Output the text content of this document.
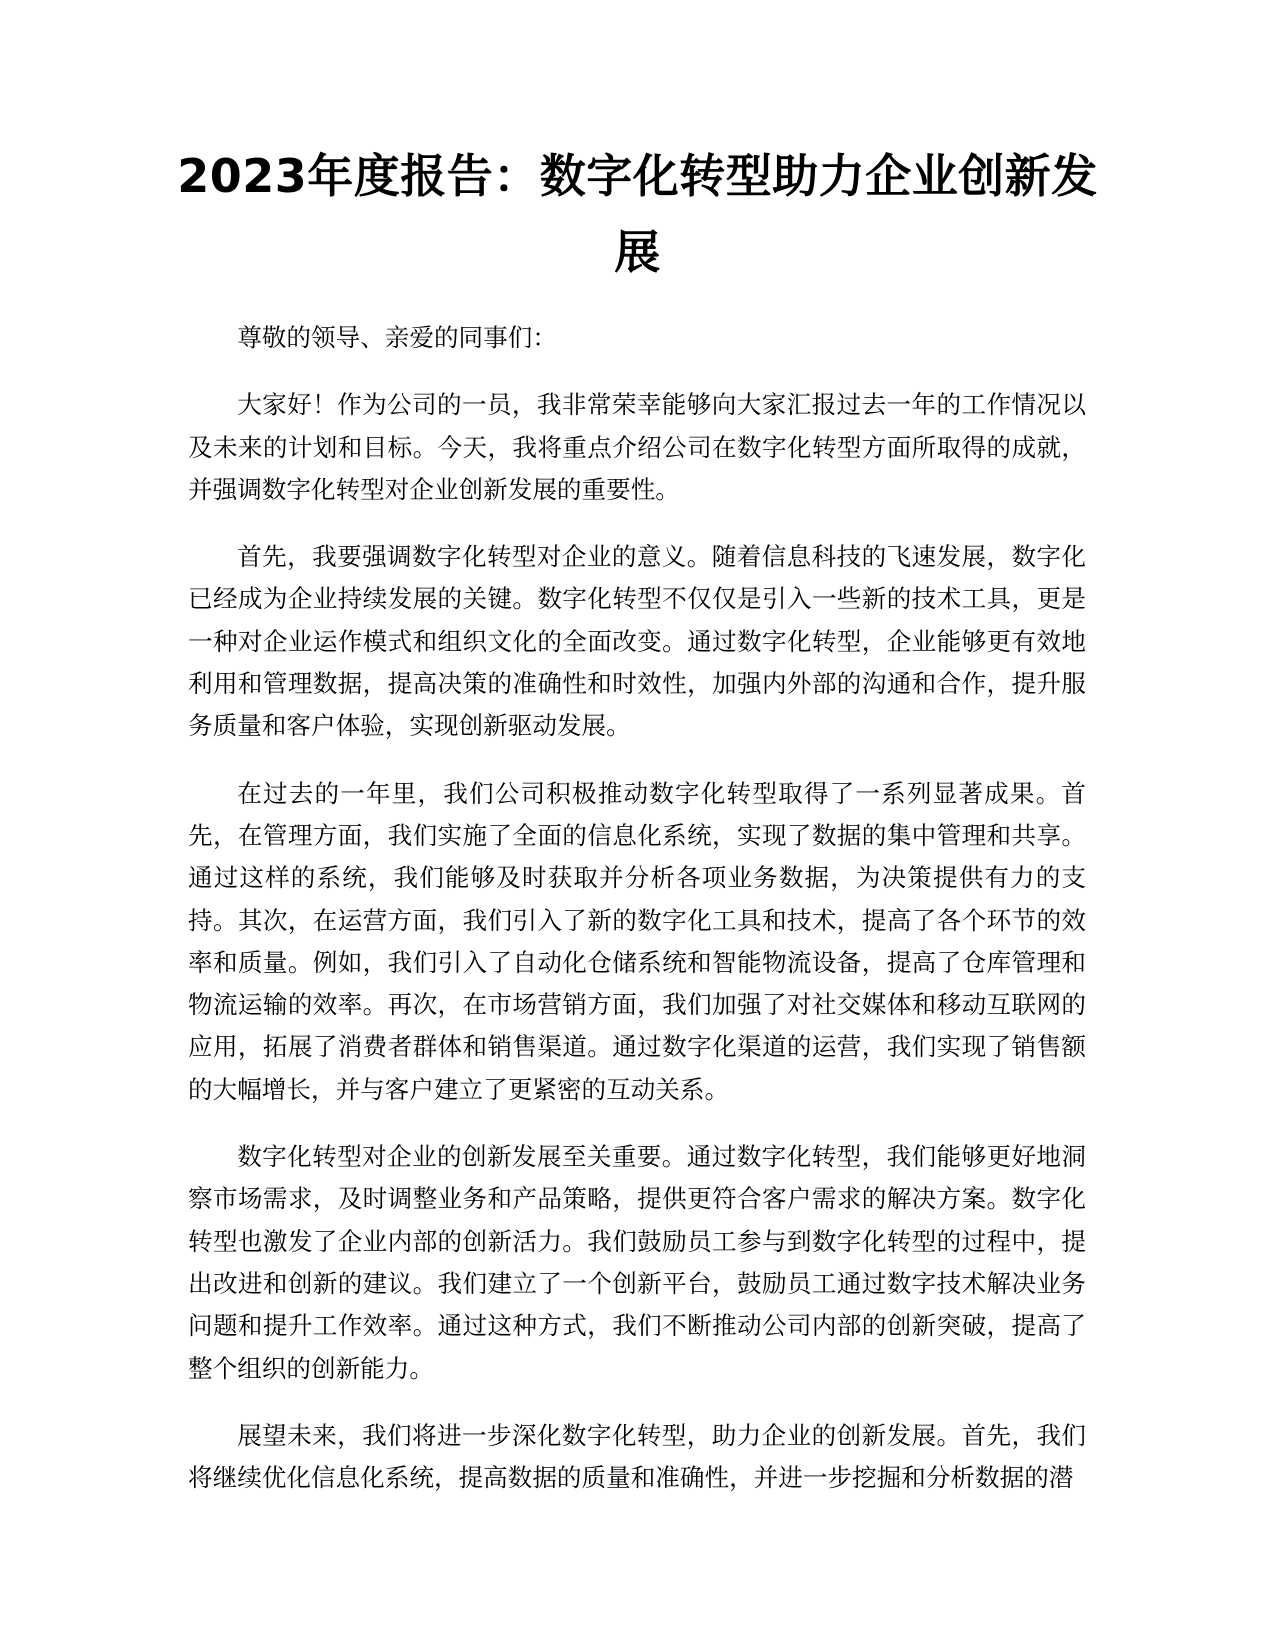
2023年度报告：数字化转型助力企业创新发展

尊敬的领导、亲爱的同事们：

大家好！作为公司的一员，我非常荣幸能够向大家汇报过去一年的工作情况以及未来的计划和目标。今天，我将重点介绍公司在数字化转型方面所取得的成就，并强调数字化转型对企业创新发展的重要性。

首先，我要强调数字化转型对企业的意义。随着信息科技的飞速发展，数字化已经成为企业持续发展的关键。数字化转型不仅仅是引入一些新的技术工具，更是一种对企业运作模式和组织文化的全面改变。通过数字化转型，企业能够更有效地利用和管理数据，提高决策的准确性和时效性，加强内外部的沟通和合作，提升服务质量和客户体验，实现创新驱动发展。

在过去的一年里，我们公司积极推动数字化转型取得了一系列显著成果。首先，在管理方面，我们实施了全面的信息化系统，实现了数据的集中管理和共享。通过这样的系统，我们能够及时获取并分析各项业务数据，为决策提供有力的支持。其次，在运营方面，我们引入了新的数字化工具和技术，提高了各个环节的效率和质量。例如，我们引入了自动化仓储系统和智能物流设备，提高了仓库管理和物流运输的效率。再次，在市场营销方面，我们加强了对社交媒体和移动互联网的应用，拓展了消费者群体和销售渠道。通过数字化渠道的运营，我们实现了销售额的大幅增长，并与客户建立了更紧密的互动关系。

数字化转型对企业的创新发展至关重要。通过数字化转型，我们能够更好地洞察市场需求，及时调整业务和产品策略，提供更符合客户需求的解决方案。数字化转型也激发了企业内部的创新活力。我们鼓励员工参与到数字化转型的过程中，提出改进和创新的建议。我们建立了一个创新平台，鼓励员工通过数字技术解决业务问题和提升工作效率。通过这种方式，我们不断推动公司内部的创新突破，提高了整个组织的创新能力。

展望未来，我们将进一步深化数字化转型，助力企业的创新发展。首先，我们将继续优化信息化系统，提高数据的质量和准确性，并进一步挖掘和分析数据的潜
